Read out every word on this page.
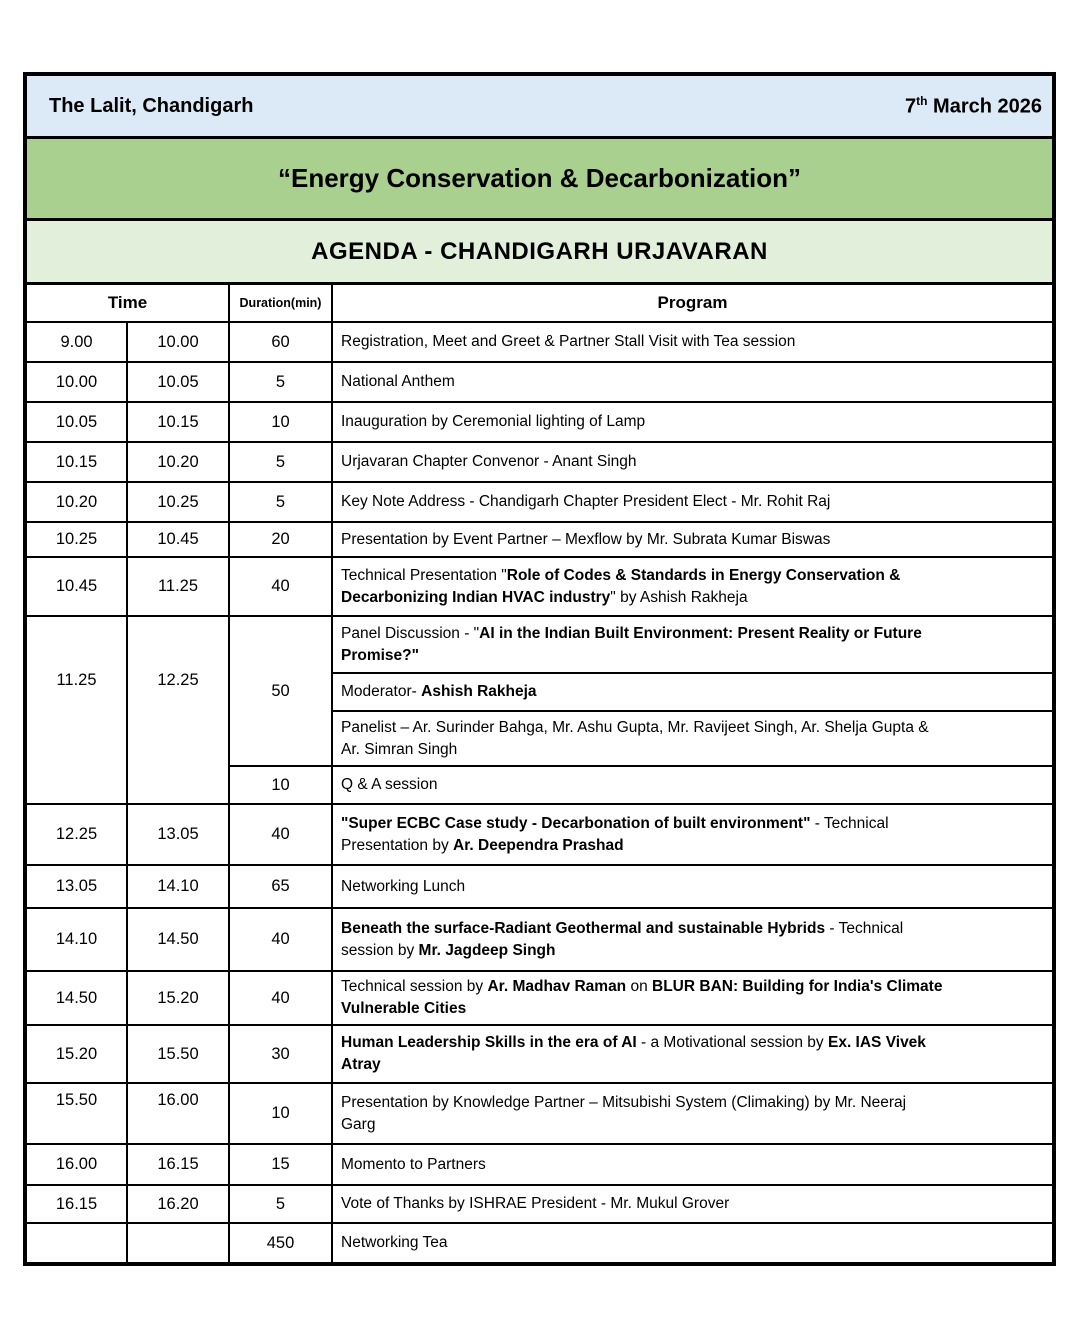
The Lalit, Chandigarh	7th March 2026
“Energy Conservation & Decarbonization”
AGENDA - CHANDIGARH URJAVARAN
Time		Duration(min)	Program
9.00	10.00	60	Registration, Meet and Greet & Partner Stall Visit with Tea session
10.00	10.05	5	National Anthem
10.05	10.15	10	Inauguration by Ceremonial lighting of Lamp
10.15	10.20	5	Urjavaran Chapter Convenor - Anant Singh
10.20	10.25	5	Key Note Address - Chandigarh Chapter President Elect - Mr. Rohit Raj
10.25	10.45	20	Presentation by Event Partner – Mexflow by Mr. Subrata Kumar Biswas
10.45	11.25	40	Technical Presentation "Role of Codes & Standards in Energy Conservation &
Decarbonizing Indian HVAC industry" by Ashish Rakheja
11.25	12.25	50	Panel Discussion - "AI in the Indian Built Environment: Present Reality or Future
Promise?"
			Moderator- Ashish Rakheja
			Panelist – Ar. Surinder Bahga, Mr. Ashu Gupta, Mr. Ravijeet Singh, Ar. Shelja Gupta &
Ar. Simran Singh
		10	Q & A session
12.25	13.05	40	"Super ECBC Case study - Decarbonation of built environment" - Technical
Presentation by Ar. Deependra Prashad
13.05	14.10	65	Networking Lunch
14.10	14.50	40	Beneath the surface-Radiant Geothermal and sustainable Hybrids - Technical
session by Mr. Jagdeep Singh
14.50	15.20	40	Technical session by Ar. Madhav Raman on BLUR BAN: Building for India's Climate
Vulnerable Cities
15.20	15.50	30	Human Leadership Skills in the era of AI - a Motivational session by Ex. IAS Vivek
Atray
15.50	16.00	10	Presentation by Knowledge Partner – Mitsubishi System (Climaking) by Mr. Neeraj
Garg
16.00	16.15	15	Momento to Partners
16.15	16.20	5	Vote of Thanks by ISHRAE President - Mr. Mukul Grover
		450	Networking Tea
